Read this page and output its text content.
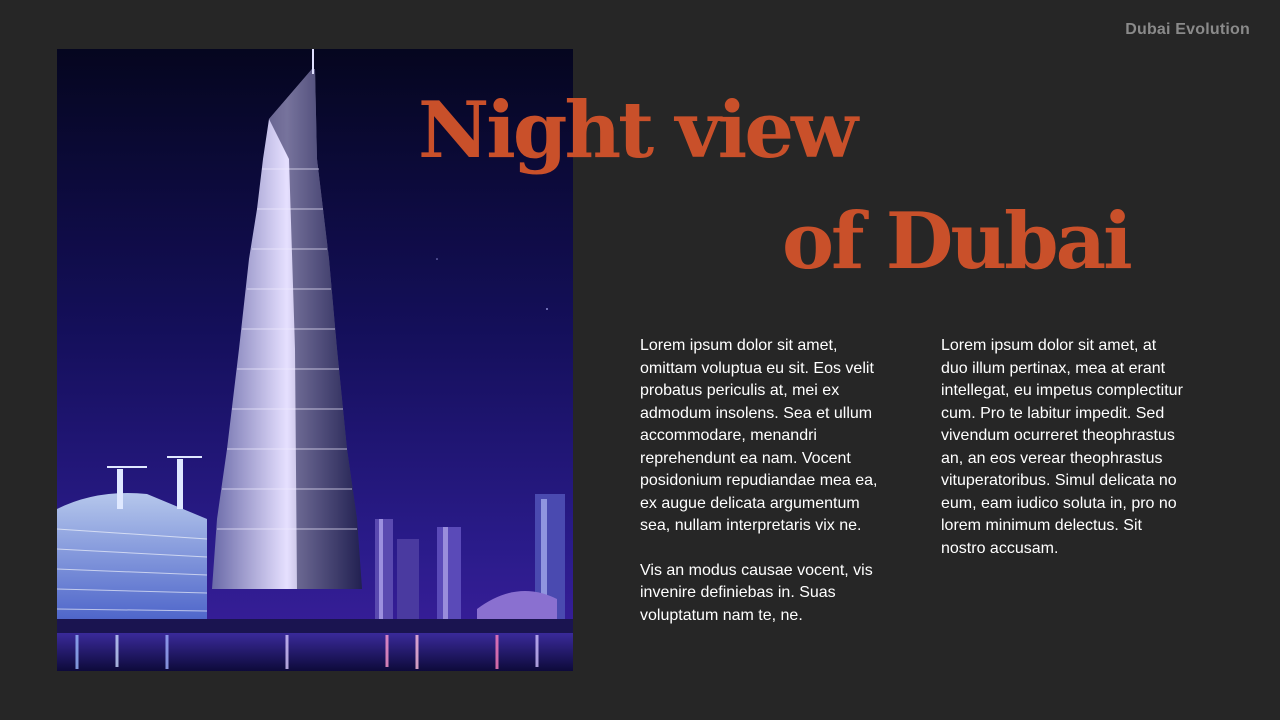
Dubai Evolution
Night view
of Dubai

Lorem ipsum dolor sit amet, omittam voluptua eu sit. Eos velit probatus periculis at, mei ex admodum insolens. Sea et ullum accommodare, menandri reprehendunt ea nam. Vocent posidonium repudiandae mea ea, ex augue delicata argumentum sea, nullam interpretaris vix ne.

Vis an modus causae vocent, vis invenire definiebas in. Suas voluptatum nam te, ne.

Lorem ipsum dolor sit amet, at duo illum pertinax, mea at erant intellegat, eu impetus complectitur cum. Pro te labitur impedit. Sed vivendum ocurreret theophrastus an, an eos verear theophrastus vituperatoribus. Simul delicata no eum, eam iudico soluta in, pro no lorem minimum delectus. Sit nostro accusam.
